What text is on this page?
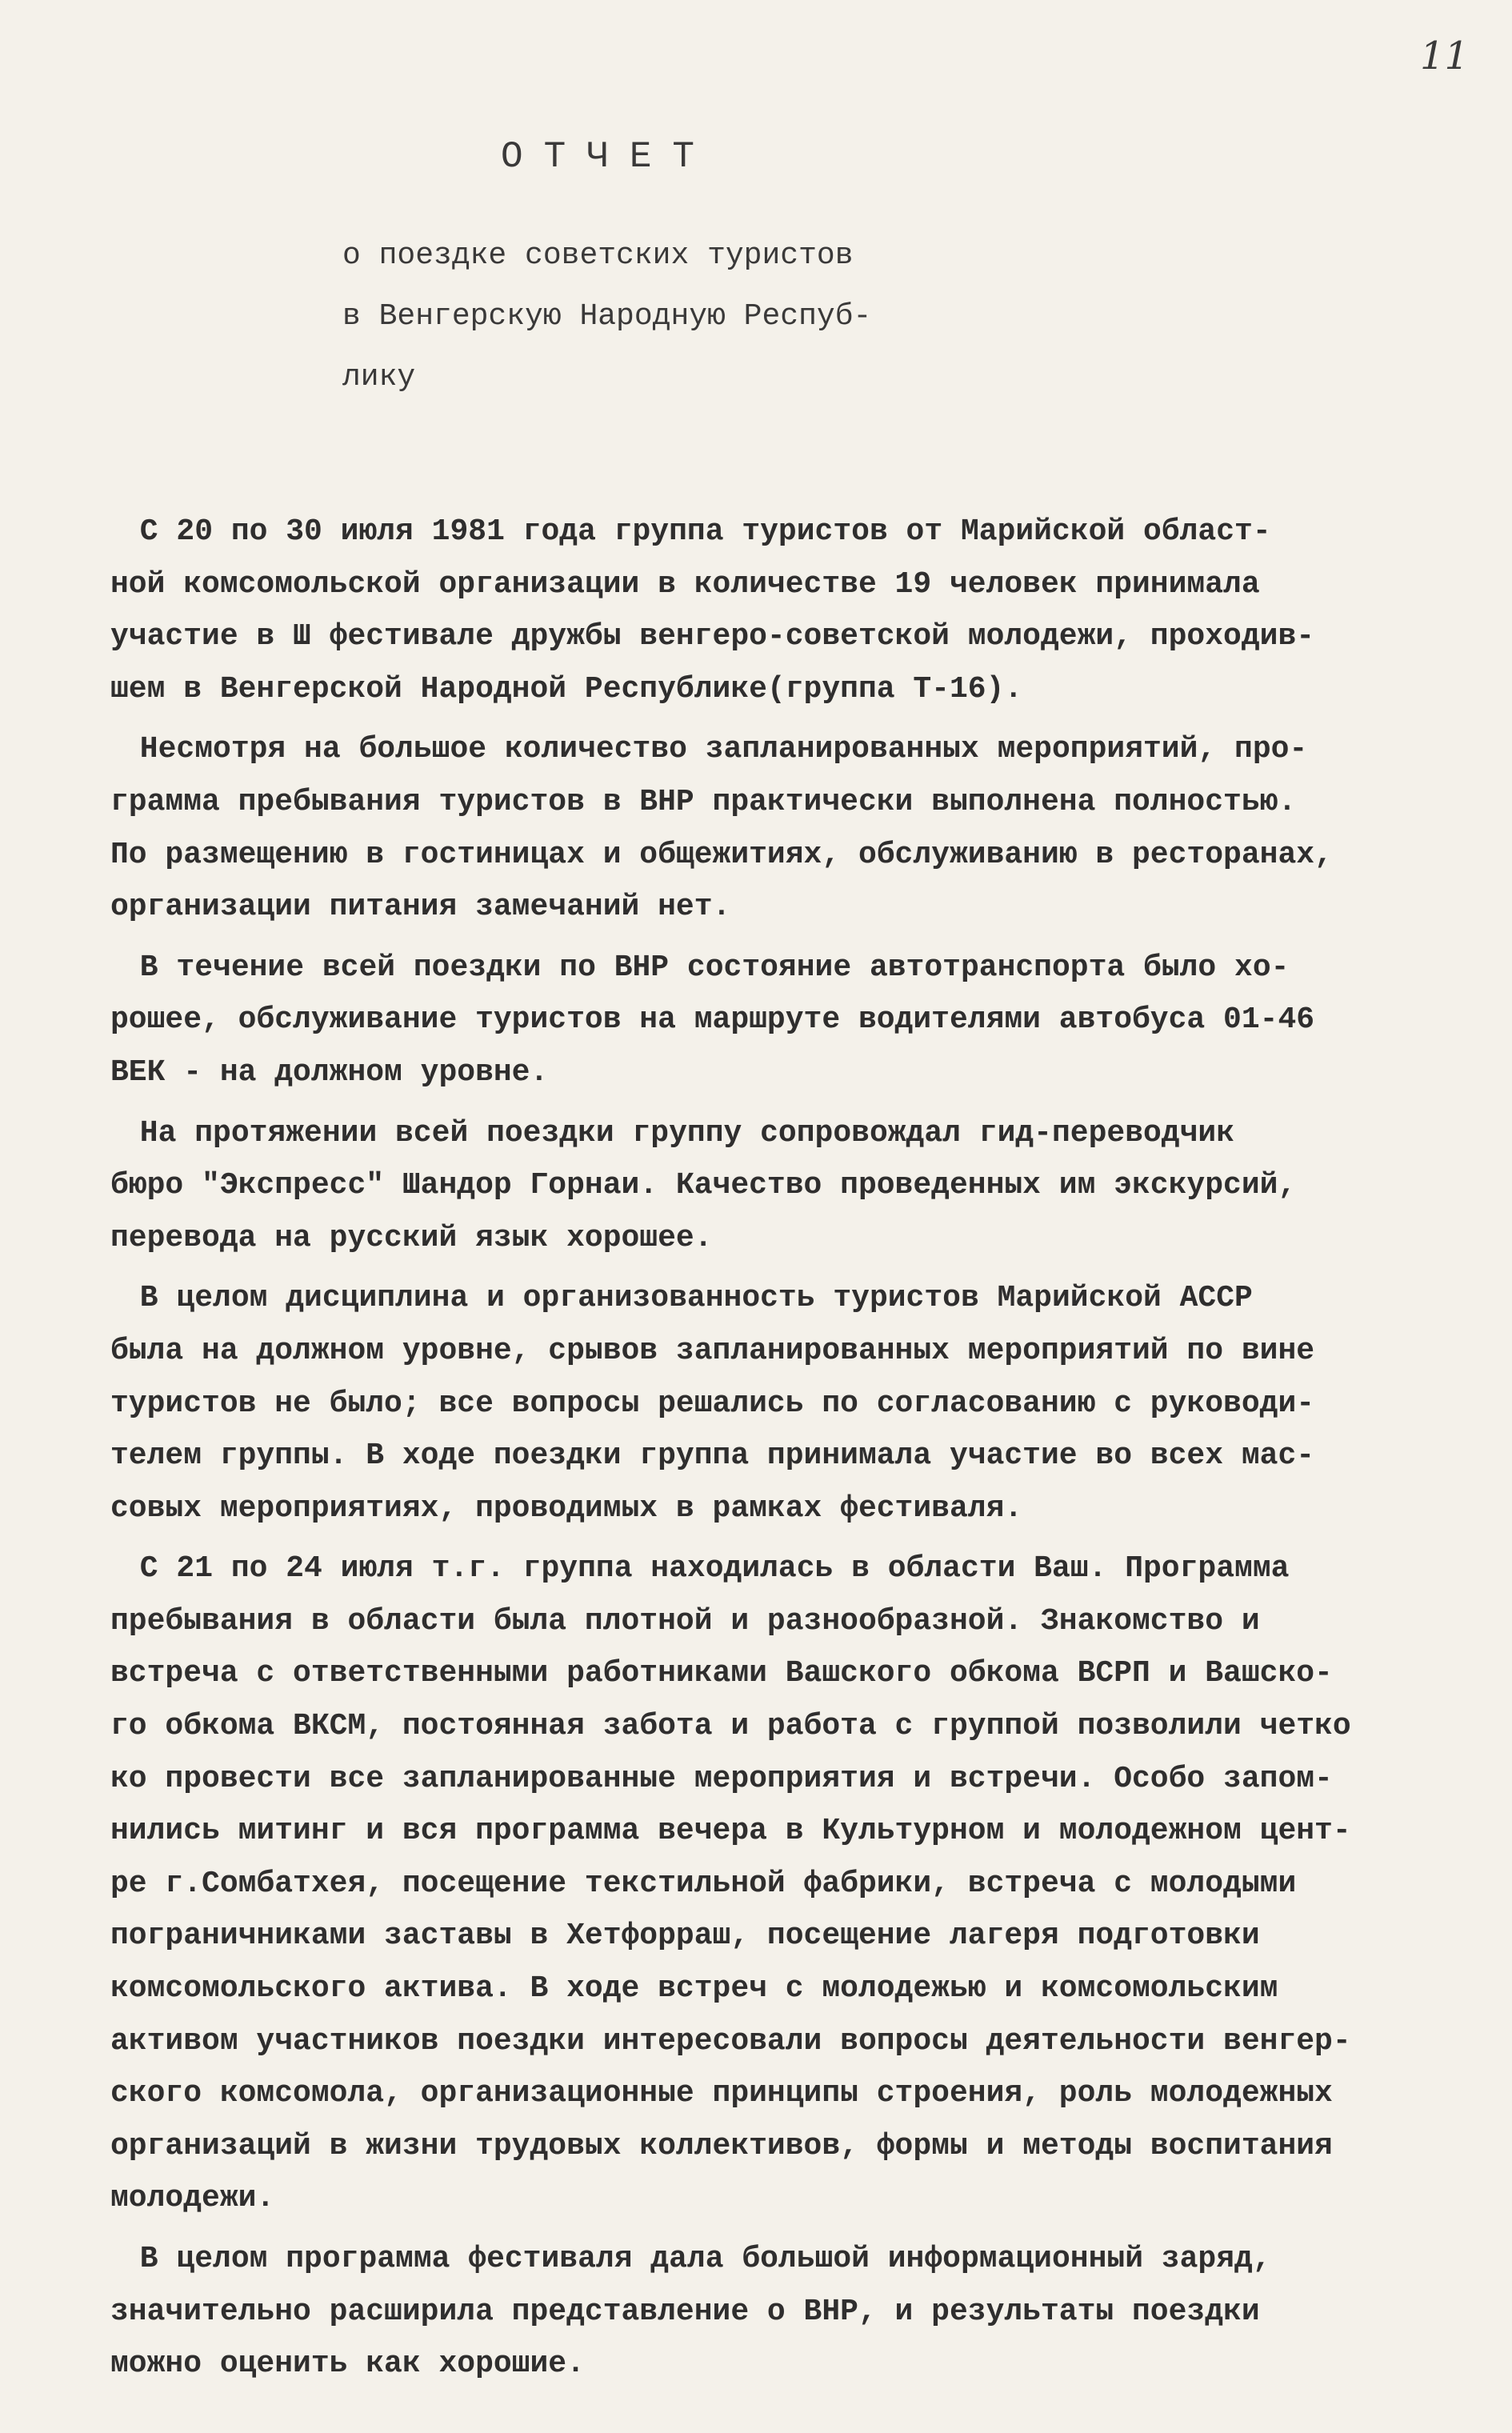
11
ОТЧЕТ
о поездке советских туристов
в Венгерскую Народную Респуб-
лику
С 20 по 30 июля 1981 года группа туристов от Марийской област-
ной комсомольской организации в количестве 19 человек принимала
участие в Ш фестивале дружбы венгеро-советской молодежи, проходив-
шем в Венгерской Народной Республике(группа Т-16).
Несмотря на большое количество запланированных мероприятий, про-
грамма пребывания туристов в ВНР практически выполнена полностью.
По размещению в гостиницах и общежитиях, обслуживанию в ресторанах,
организации питания замечаний нет.
В течение всей поездки по ВНР состояние автотранспорта было хо-
рошее, обслуживание туристов на маршруте водителями автобуса 01-46
ВЕК - на должном уровне.
На протяжении всей поездки группу сопровождал гид-переводчик
бюро "Экспресс" Шандор Горнаи. Качество проведенных им экскурсий,
перевода на русский язык хорошее.
В целом дисциплина и организованность туристов Марийской АССР
была на должном уровне, срывов запланированных мероприятий по вине
туристов не было; все вопросы решались по согласованию с руководи-
телем группы. В ходе поездки группа принимала участие во всех мас-
совых мероприятиях, проводимых в рамках фестиваля.
С 21 по 24 июля т.г. группа находилась в области Ваш. Программа
пребывания в области была плотной и разнообразной. Знакомство и
встреча с ответственными работниками Вашского обкома ВСРП и Вашско-
го обкома ВКСМ, постоянная забота и работа с группой позволили четко
ко провести все запланированные мероприятия и встречи. Особо запом-
нились митинг и вся программа вечера в Культурном и молодежном цент-
ре г.Сомбатхея, посещение текстильной фабрики, встреча с молодыми
пограничниками заставы в Хетфорраш, посещение лагеря подготовки
комсомольского актива. В ходе встреч с молодежью и комсомольским
активом участников поездки интересовали вопросы деятельности венгер-
ского комсомола, организационные принципы строения, роль молодежных
организаций в жизни трудовых коллективов, формы и методы воспитания
молодежи.
В целом программа фестиваля дала большой информационный заряд,
значительно расширила представление о ВНР, и результаты поездки
можно оценить как хорошие.
